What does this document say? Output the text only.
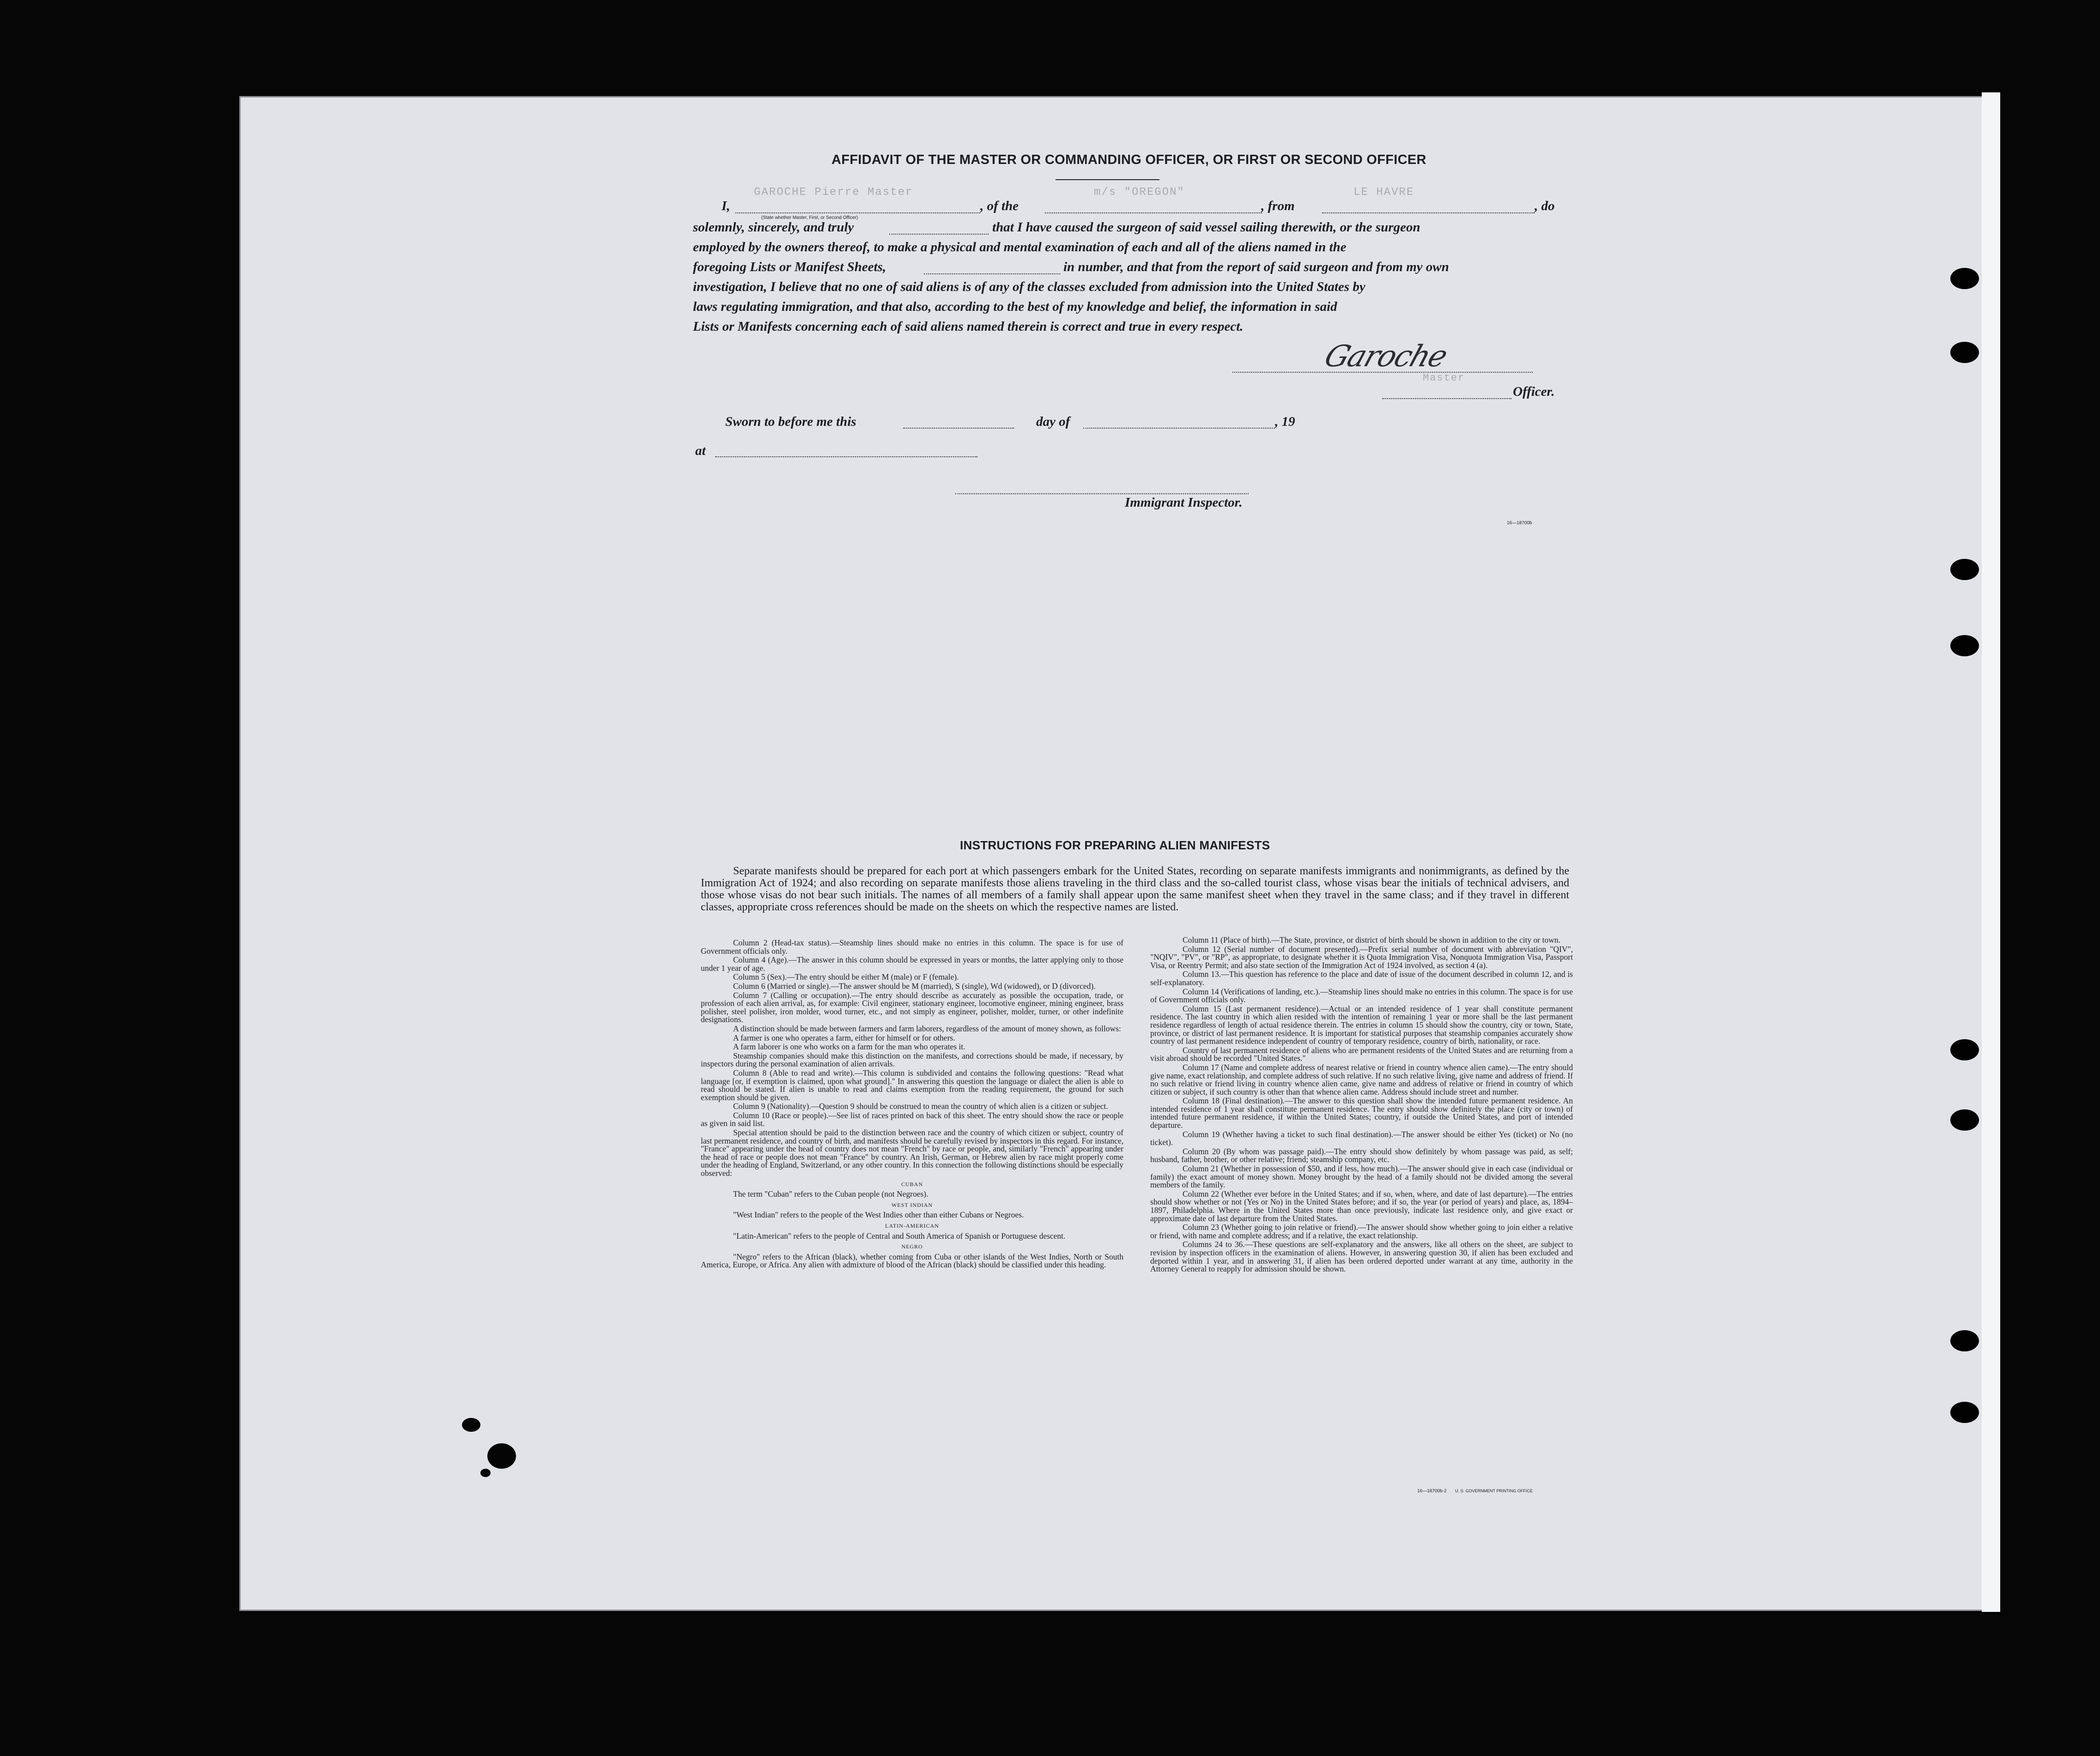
AFFIDAVIT OF THE MASTER OR COMMANDING OFFICER, OR FIRST OR SECOND OFFICER
I,
GAROCHE Pierre Master
(State whether Master, First, or Second Officer)
, of the
m/s "OREGON"
, from
LE HAVRE
, do
solemnly, sincerely, and truly	that I have caused the surgeon of said vessel sailing therewith, or the surgeon
employed by the owners thereof, to make a physical and mental examination of each and all of the aliens named in the
foregoing Lists or Manifest Sheets,	in number, and that from the report of said surgeon and from my own
investigation, I believe that no one of said aliens is of any of the classes excluded from admission into the United States by
laws regulating immigration, and that also, according to the best of my knowledge and belief, the information in said
Lists or Manifests concerning each of said aliens named therein is correct and true in every respect.
Garoche
Master
Officer.
Sworn to before me this	day of	, 19
at
Immigrant Inspector.
16—18700b
INSTRUCTIONS FOR PREPARING ALIEN MANIFESTS
Separate manifests should be prepared for each port at which passengers embark for the United States, recording on separate manifests immigrants and nonimmigrants, as defined by the Immigration Act of 1924; and also recording on separate manifests those aliens traveling in the third class and the so-called tourist class, whose visas bear the initials of technical advisers, and those whose visas do not bear such initials. The names of all members of a family shall appear upon the same manifest sheet when they travel in the same class; and if they travel in different classes, appropriate cross references should be made on the sheets on which the respective names are listed.

Column 2 (Head-tax status).—Steamship lines should make no entries in this column. The space is for use of Government officials only.

Column 4 (Age).—The answer in this column should be expressed in years or months, the latter applying only to those under 1 year of age.

Column 5 (Sex).—The entry should be either M (male) or F (female).

Column 6 (Married or single).—The answer should be M (married), S (single), Wd (widowed), or D (divorced).

Column 7 (Calling or occupation).—The entry should describe as accurately as possible the occupation, trade, or profession of each alien arrival, as, for example: Civil engineer, stationary engineer, locomotive engineer, mining engineer, brass polisher, steel polisher, iron molder, wood turner, etc., and not simply as engineer, polisher, molder, turner, or other indefinite designations.

A distinction should be made between farmers and farm laborers, regardless of the amount of money shown, as follows:

A farmer is one who operates a farm, either for himself or for others.

A farm laborer is one who works on a farm for the man who operates it.

Steamship companies should make this distinction on the manifests, and corrections should be made, if necessary, by inspectors during the personal examination of alien arrivals.

Column 8 (Able to read and write).—This column is subdivided and contains the following questions: "Read what language [or, if exemption is claimed, upon what ground]." In answering this question the language or dialect the alien is able to read should be stated. If alien is unable to read and claims exemption from the reading requirement, the ground for such exemption should be given.

Column 9 (Nationality).—Question 9 should be construed to mean the country of which alien is a citizen or subject.

Column 10 (Race or people).—See list of races printed on back of this sheet. The entry should show the race or people as given in said list.

Special attention should be paid to the distinction between race and the country of which citizen or subject, country of last permanent residence, and country of birth, and manifests should be carefully revised by inspectors in this regard. For instance, "France" appearing under the head of country does not mean "French" by race or people, and, similarly "French" appearing under the head of race or people does not mean "France" by country. An Irish, German, or Hebrew alien by race might properly come under the heading of England, Switzerland, or any other country. In this connection the following distinctions should be especially observed:

CUBAN

The term "Cuban" refers to the Cuban people (not Negroes).

WEST INDIAN

"West Indian" refers to the people of the West Indies other than either Cubans or Negroes.

LATIN-AMERICAN

"Latin-American" refers to the people of Central and South America of Spanish or Portuguese descent.

NEGRO

"Negro" refers to the African (black), whether coming from Cuba or other islands of the West Indies, North or South America, Europe, or Africa. Any alien with admixture of blood of the African (black) should be classified under this heading.

Column 11 (Place of birth).—The State, province, or district of birth should be shown in addition to the city or town.

Column 12 (Serial number of document presented).—Prefix serial number of document with abbreviation "QIV", "NQIV", "PV", or "RP", as appropriate, to designate whether it is Quota Immigration Visa, Nonquota Immigration Visa, Passport Visa, or Reentry Permit; and also state section of the Immigration Act of 1924 involved, as section 4 (a).

Column 13.—This question has reference to the place and date of issue of the document described in column 12, and is self-explanatory.

Column 14 (Verifications of landing, etc.).—Steamship lines should make no entries in this column. The space is for use of Government officials only.

Column 15 (Last permanent residence).—Actual or an intended residence of 1 year shall constitute permanent residence. The last country in which alien resided with the intention of remaining 1 year or more shall be the last permanent residence regardless of length of actual residence therein. The entries in column 15 should show the country, city or town, State, province, or district of last permanent residence. It is important for statistical purposes that steamship companies accurately show country of last permanent residence independent of country of temporary residence, country of birth, nationality, or race.

Country of last permanent residence of aliens who are permanent residents of the United States and are returning from a visit abroad should be recorded "United States."

Column 17 (Name and complete address of nearest relative or friend in country whence alien came).—The entry should give name, exact relationship, and complete address of such relative. If no such relative living, give name and address of friend. If no such relative or friend living in country whence alien came, give name and address of relative or friend in country of which citizen or subject, if such country is other than that whence alien came. Address should include street and number.

Column 18 (Final destination).—The answer to this question shall show the intended future permanent residence. An intended residence of 1 year shall constitute permanent residence. The entry should show definitely the place (city or town) of intended future permanent residence, if within the United States; country, if outside the United States, and port of intended departure.

Column 19 (Whether having a ticket to such final destination).—The answer should be either Yes (ticket) or No (no ticket).

Column 20 (By whom was passage paid).—The entry should show definitely by whom passage was paid, as self; husband, father, brother, or other relative; friend; steamship company, etc.

Column 21 (Whether in possession of $50, and if less, how much).—The answer should give in each case (individual or family) the exact amount of money shown. Money brought by the head of a family should not be divided among the several members of the family.

Column 22 (Whether ever before in the United States; and if so, when, where, and date of last departure).—The entries should show whether or not (Yes or No) in the United States before; and if so, the year (or period of years) and place, as, 1894–1897, Philadelphia. Where in the United States more than once previously, indicate last residence only, and give exact or approximate date of last departure from the United States.

Column 23 (Whether going to join relative or friend).—The answer should show whether going to join either a relative or friend, with name and complete address; and if a relative, the exact relationship.

Columns 24 to 36.—These questions are self-explanatory and the answers, like all others on the sheet, are subject to revision by inspection officers in the examination of aliens. However, in answering question 30, if alien has been excluded and deported within 1 year, and in answering 31, if alien has been ordered deported under warrant at any time, authority in the Attorney General to reapply for admission should be shown.

16—18700b-2 U. S. GOVERNMENT PRINTING OFFICE
